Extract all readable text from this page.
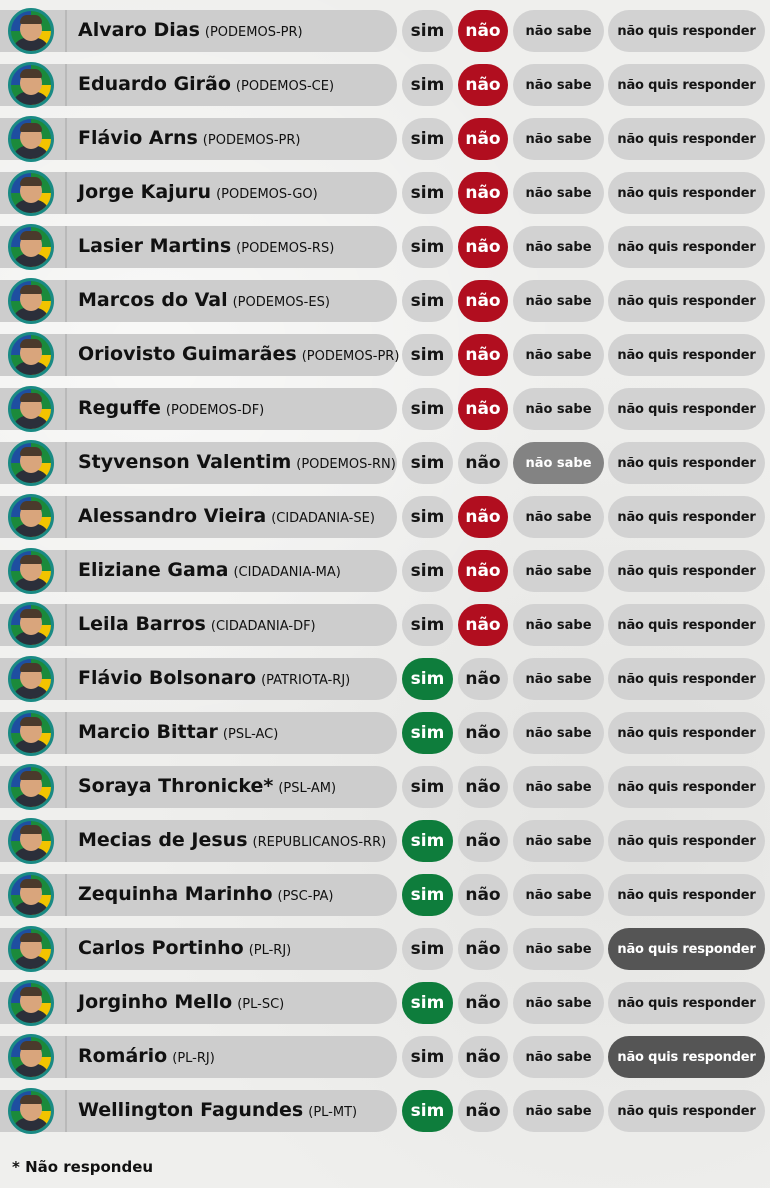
Alvaro Dias (PODEMOS-PR)	sim	não	não sabe	não quis responder
Eduardo Girão (PODEMOS-CE)	sim	não	não sabe	não quis responder
Flávio Arns (PODEMOS-PR)	sim	não	não sabe	não quis responder
Jorge Kajuru (PODEMOS-GO)	sim	não	não sabe	não quis responder
Lasier Martins (PODEMOS-RS)	sim	não	não sabe	não quis responder
Marcos do Val (PODEMOS-ES)	sim	não	não sabe	não quis responder
Oriovisto Guimarães (PODEMOS-PR) sim	não	não sabe	não quis responder
Reguffe (PODEMOS-DF)	sim	não	não sabe	não quis responder
Styvenson Valentim (PODEMOS-RN) sim	não	não sabe	não quis responder
Alessandro Vieira (CIDADANIA-SE)	sim	não	não sabe	não quis responder
Eliziane Gama (CIDADANIA-MA)	sim	não	não sabe	não quis responder
Leila Barros (CIDADANIA-DF)	sim	não	não sabe	não quis responder
Flávio Bolsonaro (PATRIOTA-RJ)	sim	não	não sabe	não quis responder
Marcio Bittar (PSL-AC)	sim	não	não sabe	não quis responder
Soraya Thronicke* (PSL-AM)	sim	não	não sabe	não quis responder
Mecias de Jesus (REPUBLICANOS-RR)	sim	não	não sabe	não quis responder
Zequinha Marinho (PSC-PA)	sim	não	não sabe	não quis responder
Carlos Portinho (PL-RJ)	sim	não	não sabe	não quis responder
Jorginho Mello (PL-SC)	sim	não	não sabe	não quis responder
Romário (PL-RJ)	sim	não	não sabe	não quis responder
Wellington Fagundes (PL-MT)	sim	não	não sabe	não quis responder
* Não respondeu
